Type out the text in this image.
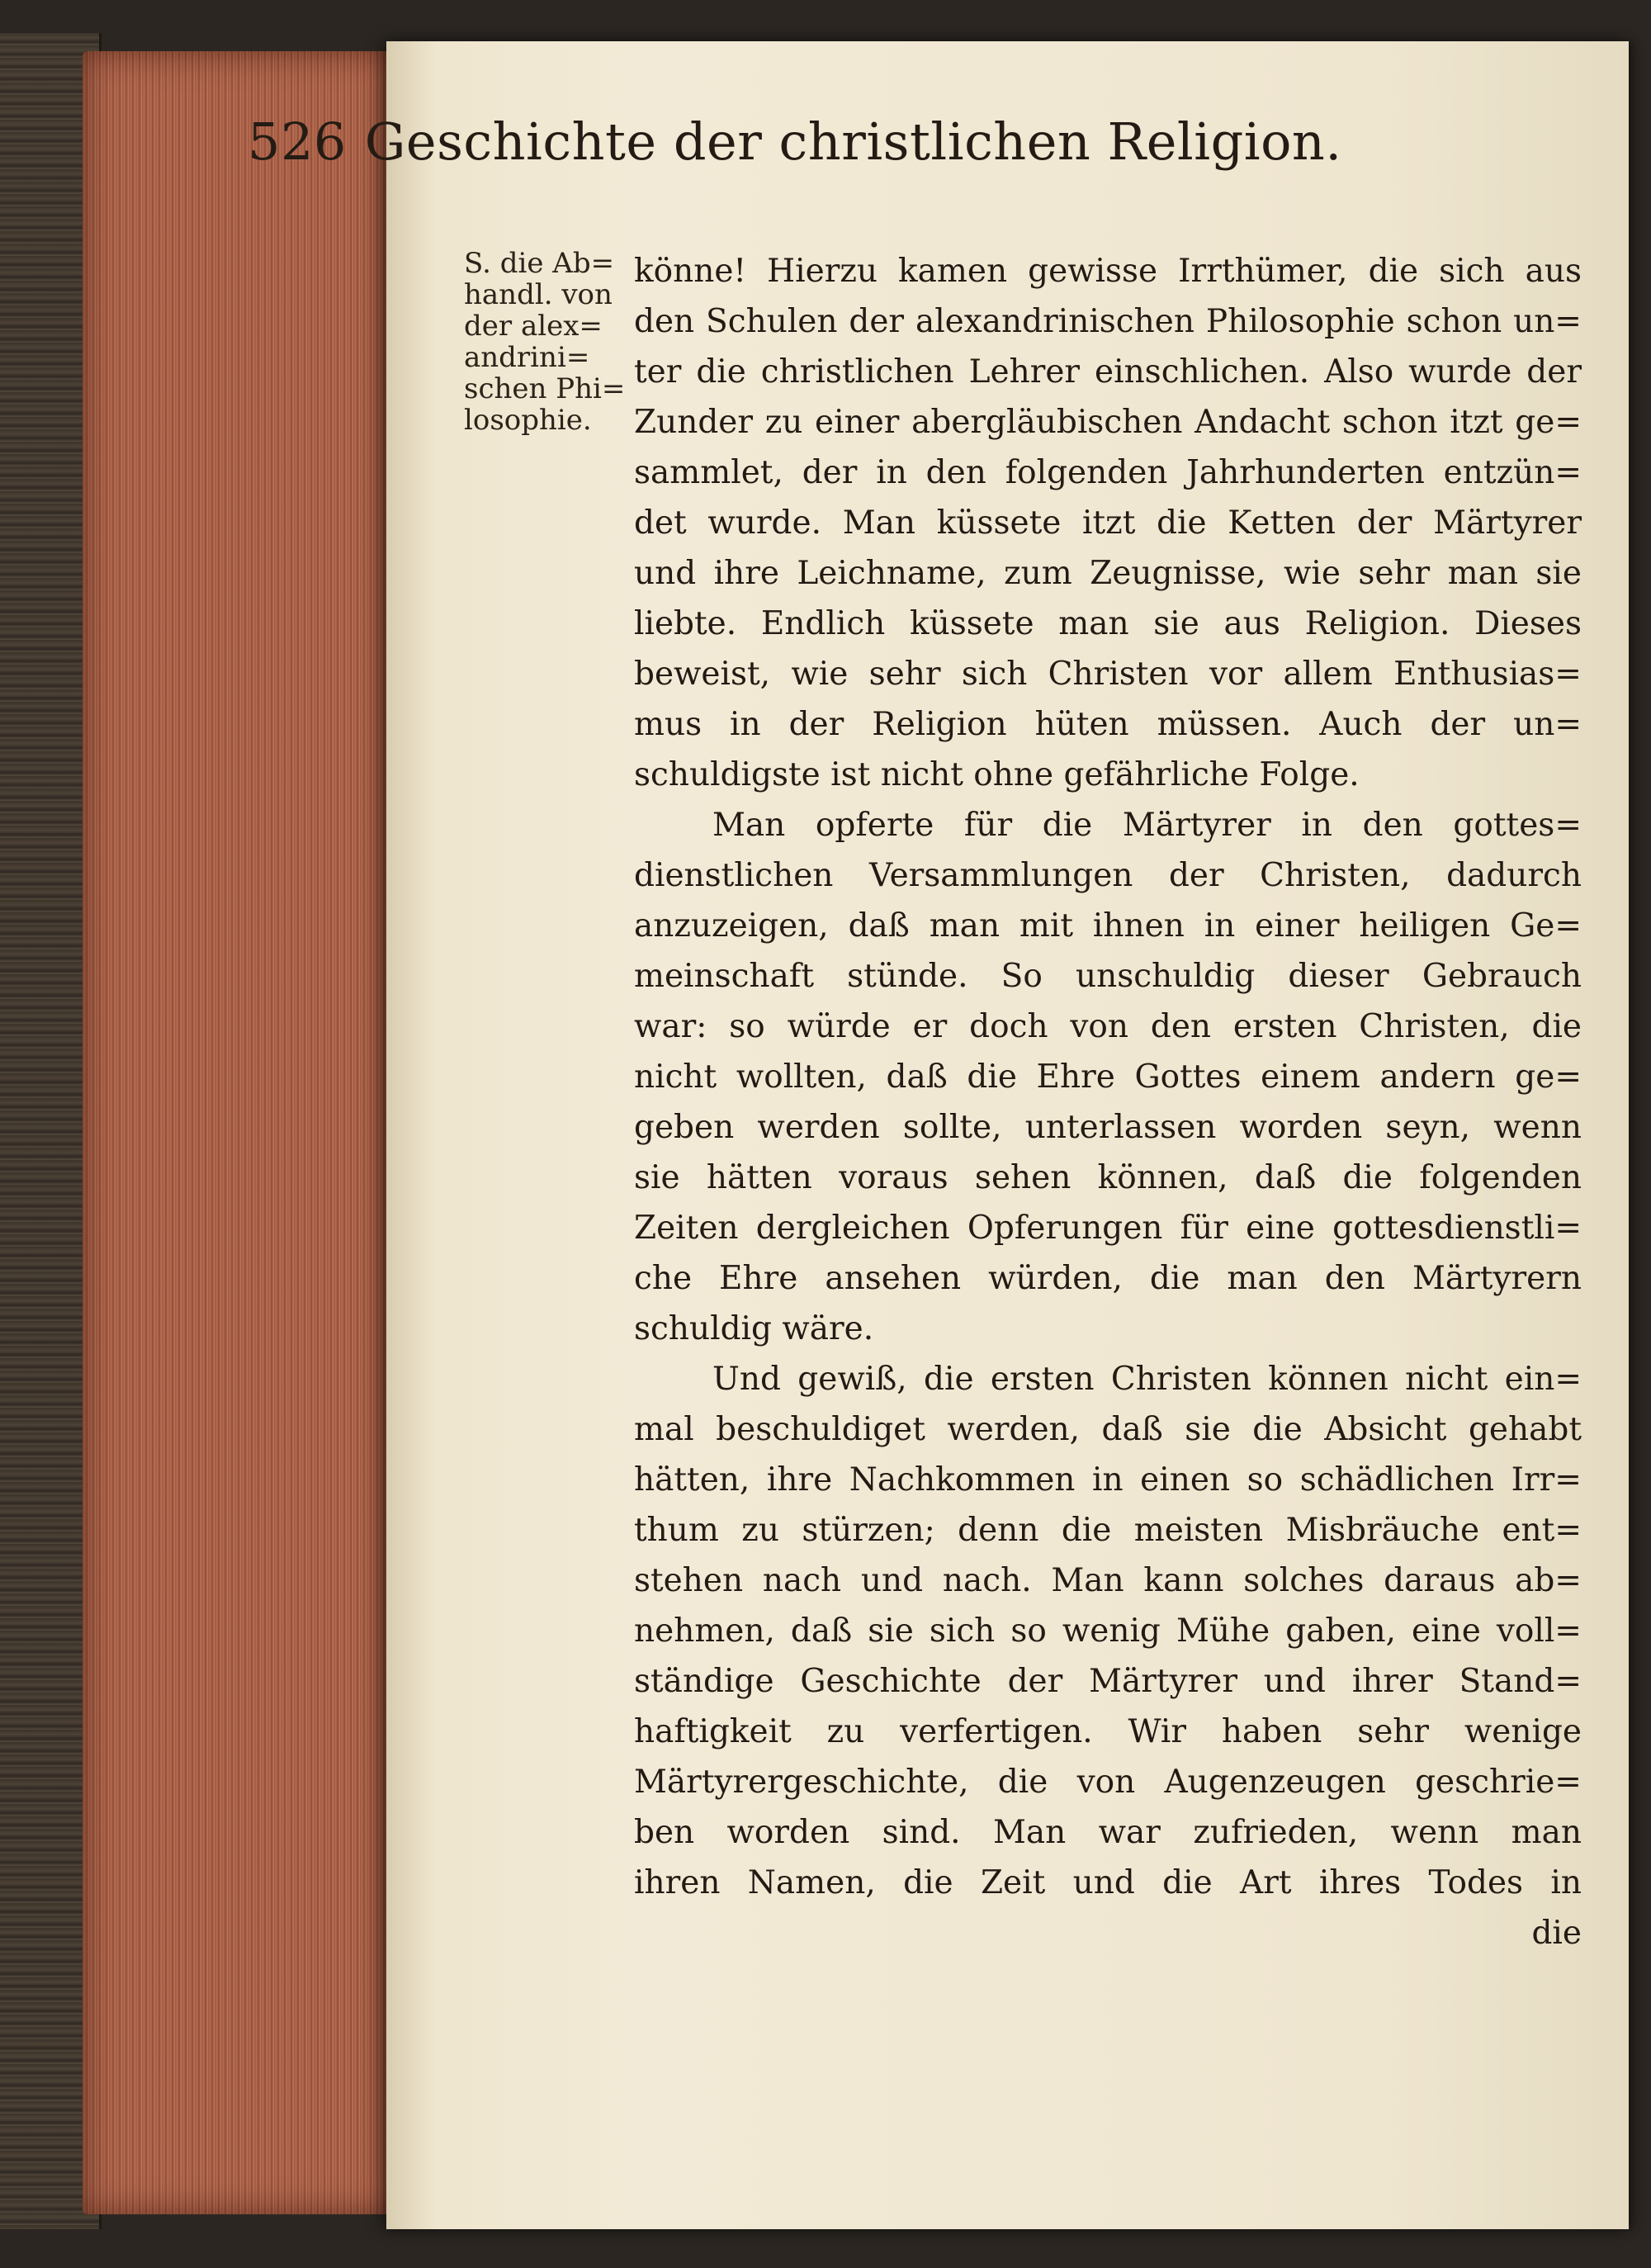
526 Geschichte der christlichen Religion.
S. die Ab=
handl. von
der alex=
andrini=
schen Phi=
losophie.
könne! Hierzu kamen gewisse Irrthümer, die sich aus
den Schulen der alexandrinischen Philosophie schon un=
ter die christlichen Lehrer einschlichen. Also wurde der
Zunder zu einer abergläubischen Andacht schon itzt ge=
sammlet, der in den folgenden Jahrhunderten entzün=
det wurde. Man küssete itzt die Ketten der Märtyrer
und ihre Leichname, zum Zeugnisse, wie sehr man sie
liebte. Endlich küssete man sie aus Religion. Dieses
beweist, wie sehr sich Christen vor allem Enthusias=
mus in der Religion hüten müssen. Auch der un=
schuldigste ist nicht ohne gefährliche Folge.
Man opferte für die Märtyrer in den gottes=
dienstlichen Versammlungen der Christen, dadurch
anzuzeigen, daß man mit ihnen in einer heiligen Ge=
meinschaft stünde. So unschuldig dieser Gebrauch
war: so würde er doch von den ersten Christen, die
nicht wollten, daß die Ehre Gottes einem andern ge=
geben werden sollte, unterlassen worden seyn, wenn
sie hätten voraus sehen können, daß die folgenden
Zeiten dergleichen Opferungen für eine gottesdienstli=
che Ehre ansehen würden, die man den Märtyrern
schuldig wäre.
Und gewiß, die ersten Christen können nicht ein=
mal beschuldiget werden, daß sie die Absicht gehabt
hätten, ihre Nachkommen in einen so schädlichen Irr=
thum zu stürzen; denn die meisten Misbräuche ent=
stehen nach und nach. Man kann solches daraus ab=
nehmen, daß sie sich so wenig Mühe gaben, eine voll=
ständige Geschichte der Märtyrer und ihrer Stand=
haftigkeit zu verfertigen. Wir haben sehr wenige
Märtyrergeschichte, die von Augenzeugen geschrie=
ben worden sind. Man war zufrieden, wenn man
ihren Namen, die Zeit und die Art ihres Todes in
die
